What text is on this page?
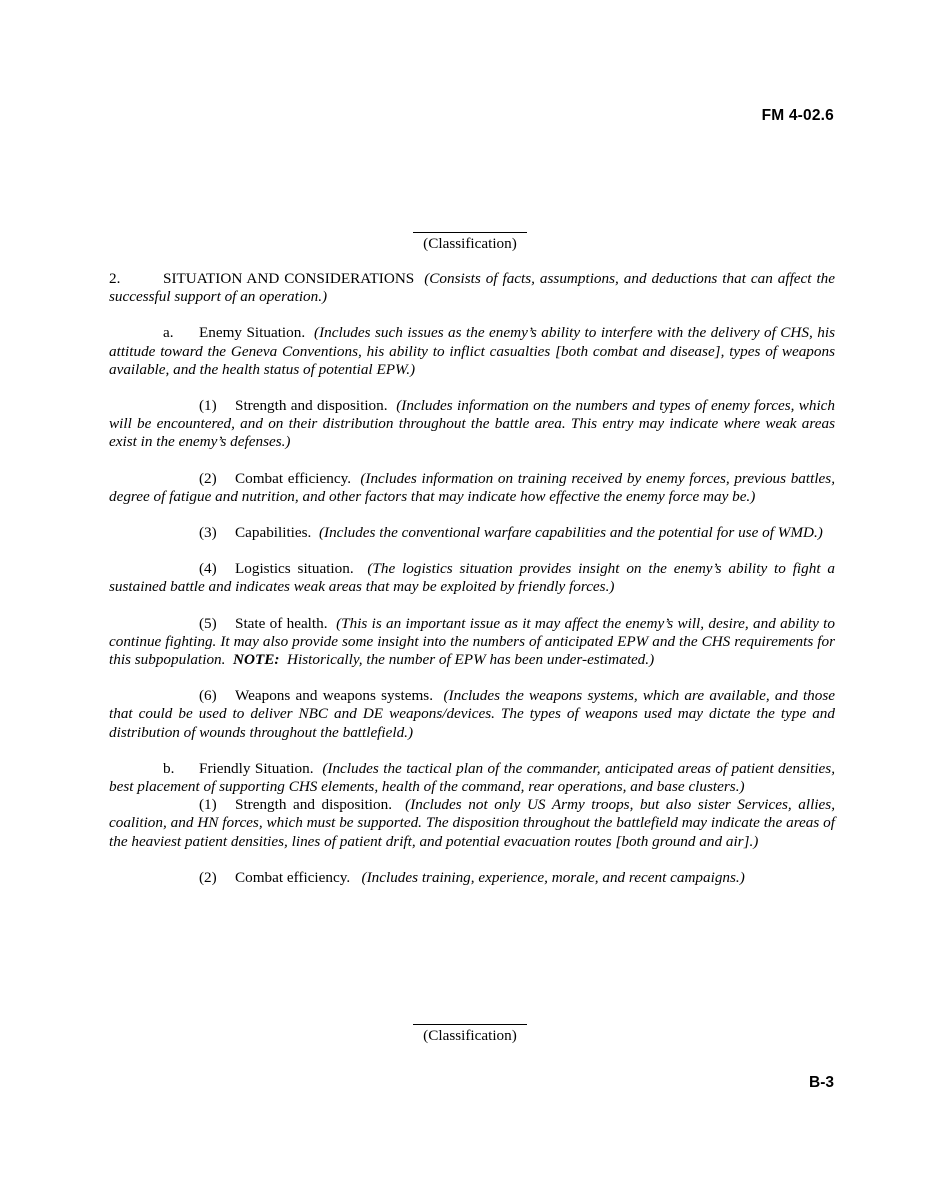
FM 4-02.6
(Classification)

2.	SITUATION AND CONSIDERATIONS (Consists of facts, assumptions, and deductions that can affect the successful support of an operation.)

a. Enemy Situation. (Includes such issues as the enemy’s ability to interfere with the delivery of CHS, his attitude toward the Geneva Conventions, his ability to inflict casualties [both combat and disease], types of weapons available, and the health status of potential EPW.)

(1) Strength and disposition. (Includes information on the numbers and types of enemy forces, which will be encountered, and on their distribution throughout the battle area. This entry may indicate where weak areas exist in the enemy’s defenses.)

(2) Combat efficiency. (Includes information on training received by enemy forces, previous battles, degree of fatigue and nutrition, and other factors that may indicate how effective the enemy force may be.)

(3) Capabilities. (Includes the conventional warfare capabilities and the potential for use of WMD.)

(4) Logistics situation. (The logistics situation provides insight on the enemy’s ability to fight a sustained battle and indicates weak areas that may be exploited by friendly forces.)

(5) State of health. (This is an important issue as it may affect the enemy’s will, desire, and ability to continue fighting. It may also provide some insight into the numbers of anticipated EPW and the CHS requirements for this subpopulation. NOTE: Historically, the number of EPW has been under-estimated.)

(6) Weapons and weapons systems. (Includes the weapons systems, which are available, and those that could be used to deliver NBC and DE weapons/devices. The types of weapons used may dictate the type and distribution of wounds throughout the battlefield.)

b. Friendly Situation. (Includes the tactical plan of the commander, anticipated areas of patient densities, best placement of supporting CHS elements, health of the command, rear operations, and base clusters.)

(1) Strength and disposition. (Includes not only US Army troops, but also sister Services, allies, coalition, and HN forces, which must be supported. The disposition throughout the battlefield may indicate the areas of the heaviest patient densities, lines of patient drift, and potential evacuation routes [both ground and air].)

(2) Combat efficiency. (Includes training, experience, morale, and recent campaigns.)

(Classification)
B-3
